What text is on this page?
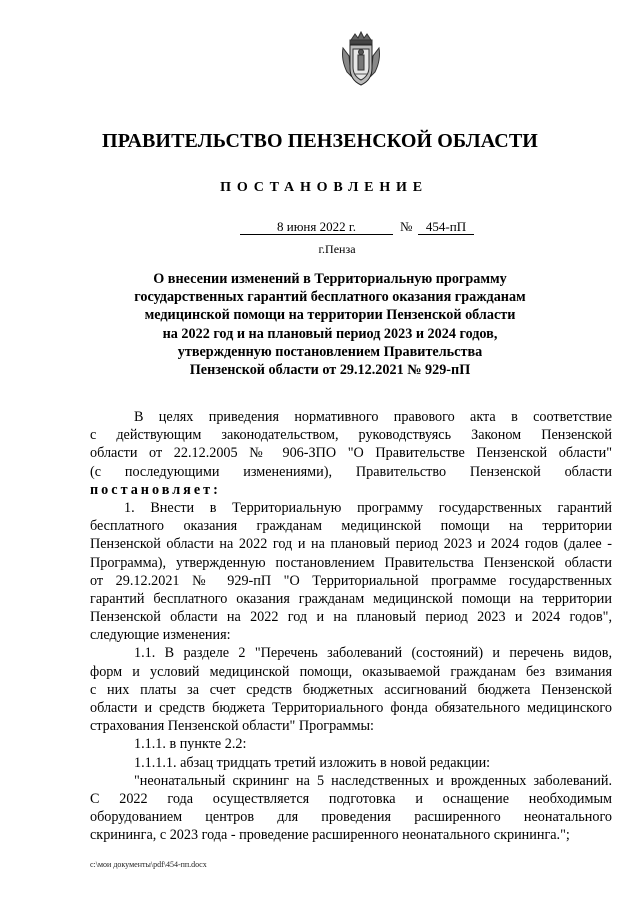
ПРАВИТЕЛЬСТВО ПЕНЗЕНСКОЙ ОБЛАСТИ
ПОСТАНОВЛЕНИЕ
8 июня 2022 г.	№	454-пП
г.Пенза
О внесении изменений в Территориальную программу
государственных гарантий бесплатного оказания гражданам
медицинской помощи на территории Пензенской области
на 2022 год и на плановый период 2023 и 2024 годов,
утвержденную постановлением Правительства
Пензенской области от 29.12.2021 № 929-пП
В целях приведения нормативного правового акта в соответствие
с действующим законодательством, руководствуясь Законом Пензенской
области от 22.12.2005 № 906-ЗПО "О Правительстве Пензенской области"
(с последующими изменениями), Правительство Пензенской области
постановляет:
1. Внести в Территориальную программу государственных гарантий
бесплатного оказания гражданам медицинской помощи на территории
Пензенской области на 2022 год и на плановый период 2023 и 2024 годов (далее -
Программа), утвержденную постановлением Правительства Пензенской области
от 29.12.2021 № 929-пП "О Территориальной программе государственных
гарантий бесплатного оказания гражданам медицинской помощи на территории
Пензенской области на 2022 год и на плановый период 2023 и 2024 годов",
следующие изменения:
1.1. В разделе 2 "Перечень заболеваний (состояний) и перечень видов,
форм и условий медицинской помощи, оказываемой гражданам без взимания
с них платы за счет средств бюджетных ассигнований бюджета Пензенской
области и средств бюджета Территориального фонда обязательного медицинского
страхования Пензенской области" Программы:
1.1.1. в пункте 2.2:
1.1.1.1. абзац тридцать третий изложить в новой редакции:
"неонатальный скрининг на 5 наследственных и врожденных заболеваний.
С 2022 года осуществляется подготовка и оснащение необходимым
оборудованием центров для проведения расширенного неонатального
скрининга, с 2023 года - проведение расширенного неонатального скрининга.";
c:\мои документы\pdf\454-пп.docx
